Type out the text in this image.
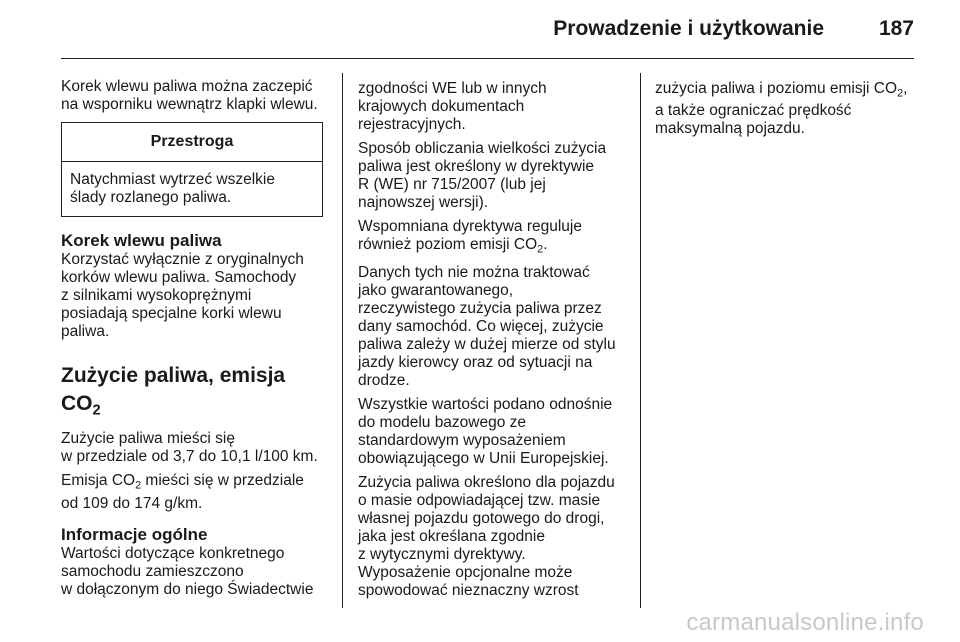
Prowadzenie i użytkowanie	187

Korek wlewu paliwa można zaczepić
na wsporniku wewnątrz klapki wlewu.

Przestroga
Natychmiast wytrzeć wszelkie
ślady rozlanego paliwa.
Korek wlewu paliwa

Korzystać wyłącznie z oryginalnych
korków wlewu paliwa. Samochody
z silnikami wysokoprężnymi
posiadają specjalne korki wlewu
paliwa.

Zużycie paliwa, emisja
$CO_2$

Zużycie paliwa mieści się
w przedziale od 3,7 do 10,1 l/100 km.

Emisja $CO_2$ mieści się w przedziale
od 109 do 174 g/km.

Informacje ogólne

Wartości dotyczące konkretnego
samochodu zamieszczono
w dołączonym do niego Świadectwie

zgodności WE lub w innych
krajowych dokumentach
rejestracyjnych.

Sposób obliczania wielkości zużycia
paliwa jest określony w dyrektywie
R (WE) nr 715/2007 (lub jej
najnowszej wersji).

Wspomniana dyrektywa reguluje
również poziom emisji $CO_2$.

Danych tych nie można traktować
jako gwarantowanego,
rzeczywistego zużycia paliwa przez
dany samochód. Co więcej, zużycie
paliwa zależy w dużej mierze od stylu
jazdy kierowcy oraz od sytuacji na
drodze.

Wszystkie wartości podano odnośnie
do modelu bazowego ze
standardowym wyposażeniem
obowiązującego w Unii Europejskiej.

Zużycia paliwa określono dla pojazdu
o masie odpowiadającej tzw. masie
własnej pojazdu gotowego do drogi,
jaka jest określana zgodnie
z wytycznymi dyrektywy.
Wyposażenie opcjonalne może
spowodować nieznaczny wzrost

zużycia paliwa i poziomu emisji $CO_2$,
a także ograniczać prędkość
maksymalną pojazdu.

carmanualsonline.info
